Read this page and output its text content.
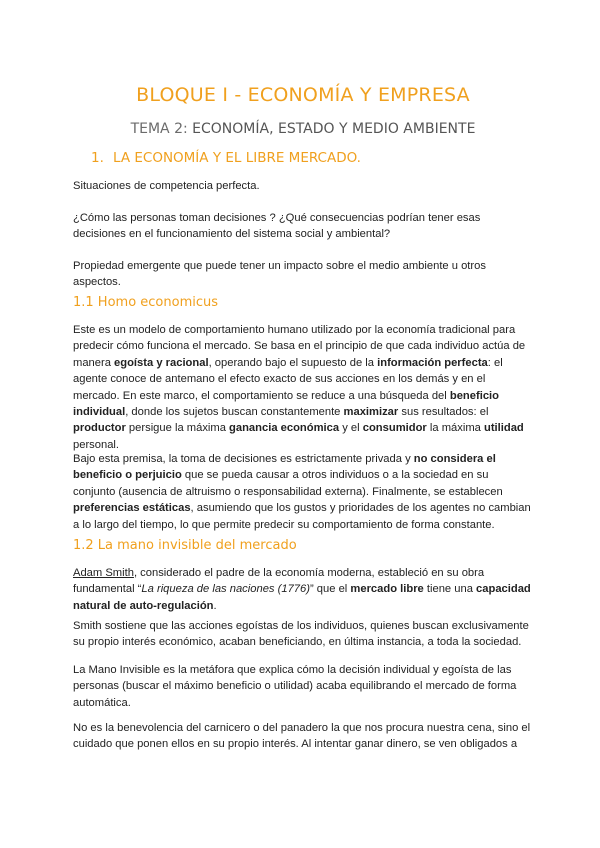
BLOQUE I - ECONOMÍA Y EMPRESA
TEMA 2: ECONOMÍA, ESTADO Y MEDIO AMBIENTE
1. LA ECONOMÍA Y EL LIBRE MERCADO.
Situaciones de competencia perfecta.
¿Cómo las personas toman decisiones ? ¿Qué consecuencias podrían tener esas decisiones en el funcionamiento del sistema social y ambiental?
Propiedad emergente que puede tener un impacto sobre el medio ambiente u otros aspectos.
1.1 Homo economicus
Este es un modelo de comportamiento humano utilizado por la economía tradicional para predecir cómo funciona el mercado. Se basa en el principio de que cada individuo actúa de manera egoísta y racional, operando bajo el supuesto de la información perfecta: el agente conoce de antemano el efecto exacto de sus acciones en los demás y en el mercado. En este marco, el comportamiento se reduce a una búsqueda del beneficio individual, donde los sujetos buscan constantemente maximizar sus resultados: el productor persigue la máxima ganancia económica y el consumidor la máxima utilidad personal.
Bajo esta premisa, la toma de decisiones es estrictamente privada y no considera el beneficio o perjuicio que se pueda causar a otros individuos o a la sociedad en su conjunto (ausencia de altruismo o responsabilidad externa). Finalmente, se establecen preferencias estáticas, asumiendo que los gustos y prioridades de los agentes no cambian a lo largo del tiempo, lo que permite predecir su comportamiento de forma constante.
1.2 La mano invisible del mercado
Adam Smith, considerado el padre de la economía moderna, estableció en su obra fundamental “La riqueza de las naciones (1776)” que el mercado libre tiene una capacidad natural de auto-regulación.
Smith sostiene que las acciones egoístas de los individuos, quienes buscan exclusivamente su propio interés económico, acaban beneficiando, en última instancia, a toda la sociedad.
La Mano Invisible es la metáfora que explica cómo la decisión individual y egoísta de las personas (buscar el máximo beneficio o utilidad) acaba equilibrando el mercado de forma automática.
No es la benevolencia del carnicero o del panadero la que nos procura nuestra cena, sino el cuidado que ponen ellos en su propio interés. Al intentar ganar dinero, se ven obligados a
